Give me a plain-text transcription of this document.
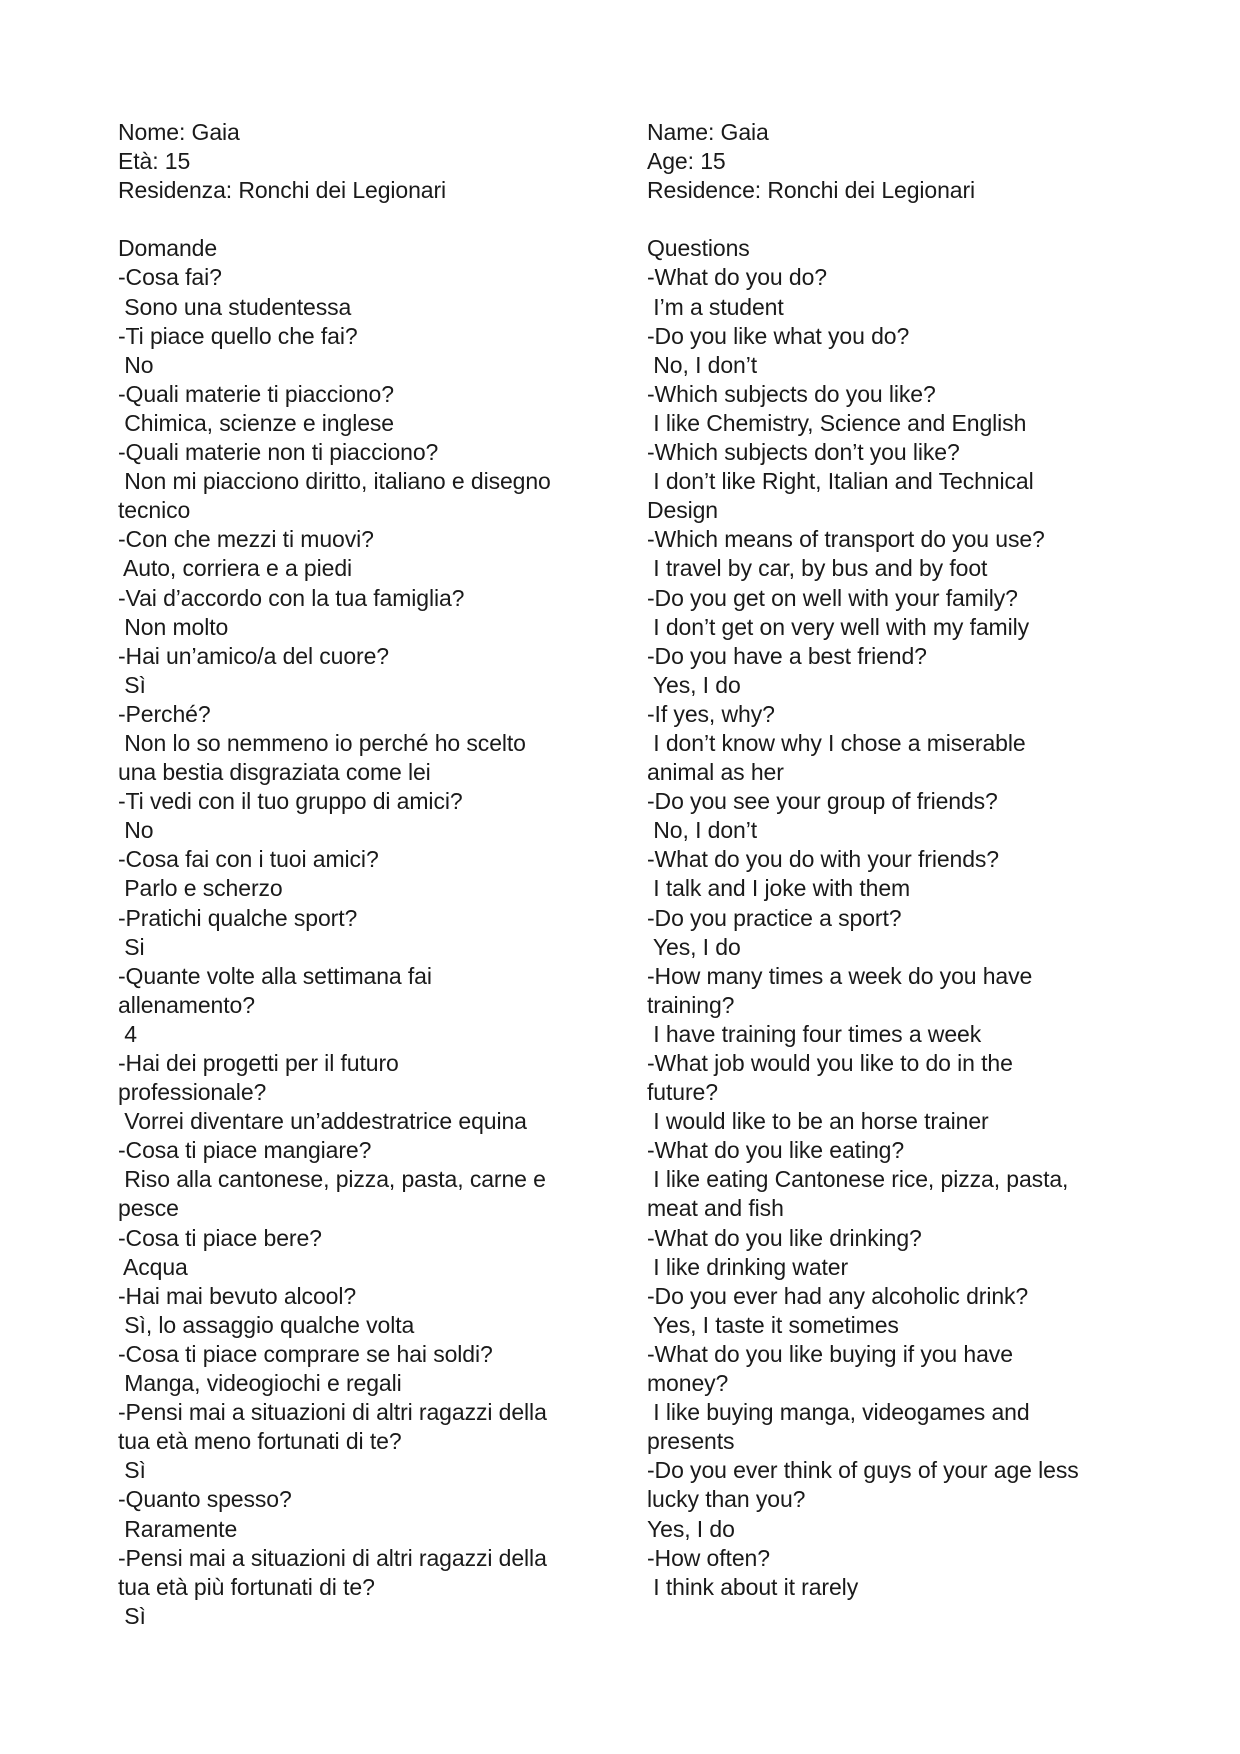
Nome: Gaia
Età: 15
Residenza: Ronchi dei Legionari
Domande
-Cosa fai?
Sono una studentessa
-Ti piace quello che fai?
No
-Quali materie ti piacciono?
Chimica, scienze e inglese
-Quali materie non ti piacciono?
Non mi piacciono diritto, italiano e disegno
tecnico
-Con che mezzi ti muovi?
Auto, corriera e a piedi
-Vai d’accordo con la tua famiglia?
Non molto
-Hai un’amico/a del cuore?
Sì
-Perché?
Non lo so nemmeno io perché ho scelto
una bestia disgraziata come lei
-Ti vedi con il tuo gruppo di amici?
No
-Cosa fai con i tuoi amici?
Parlo e scherzo
-Pratichi qualche sport?
Si
-Quante volte alla settimana fai
allenamento?
4
-Hai dei progetti per il futuro
professionale?
Vorrei diventare un’addestratrice equina
-Cosa ti piace mangiare?
Riso alla cantonese, pizza, pasta, carne e
pesce
-Cosa ti piace bere?
Acqua
-Hai mai bevuto alcool?
Sì, lo assaggio qualche volta
-Cosa ti piace comprare se hai soldi?
Manga, videogiochi e regali
-Pensi mai a situazioni di altri ragazzi della
tua età meno fortunati di te?
Sì
-Quanto spesso?
Raramente
-Pensi mai a situazioni di altri ragazzi della
tua età più fortunati di te?
Sì
Name: Gaia
Age: 15
Residence: Ronchi dei Legionari
Questions
-What do you do?
I’m a student
-Do you like what you do?
No, I don’t
-Which subjects do you like?
I like Chemistry, Science and English
-Which subjects don’t you like?
I don’t like Right, Italian and Technical
Design
-Which means of transport do you use?
I travel by car, by bus and by foot
-Do you get on well with your family?
I don’t get on very well with my family
-Do you have a best friend?
Yes, I do
-If yes, why?
I don’t know why I chose a miserable
animal as her
-Do you see your group of friends?
No, I don’t
-What do you do with your friends?
I talk and I joke with them
-Do you practice a sport?
Yes, I do
-How many times a week do you have
training?
I have training four times a week
-What job would you like to do in the
future?
I would like to be an horse trainer
-What do you like eating?
I like eating Cantonese rice, pizza, pasta,
meat and fish
-What do you like drinking?
I like drinking water
-Do you ever had any alcoholic drink?
Yes, I taste it sometimes
-What do you like buying if you have
money?
I like buying manga, videogames and
presents
-Do you ever think of guys of your age less
lucky than you?
Yes, I do
-How often?
I think about it rarely
